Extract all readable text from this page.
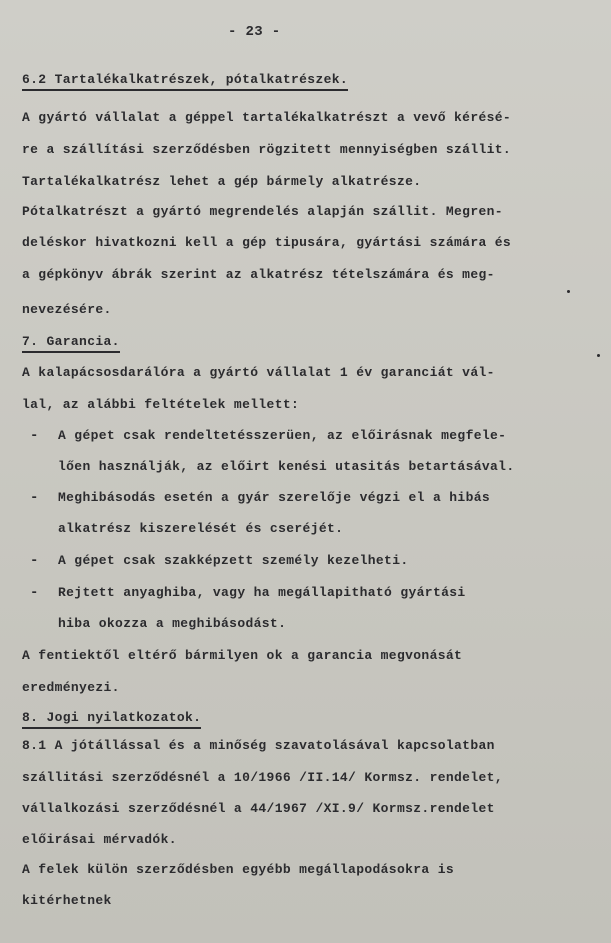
- 23 -
6.2 Tartalékalkatrészek, pótalkatrészek.
A gyártó vállalat a géppel tartalékalkatrészt a vevő kérésé-
re a szállítási szerződésben rögzitett mennyiségben szállit.
Tartalékalkatrész lehet a gép bármely alkatrésze.
Pótalkatrészt a gyártó megrendelés alapján szállit. Megren-
deléskor hivatkozni kell a gép tipusára, gyártási számára és
a gépkönyv ábrák szerint az alkatrész tételszámára és meg-
nevezésére.
7. Garancia.
A kalapácsosdarálóra a gyártó vállalat 1 év garanciát vál-
lal, az alábbi feltételek mellett:
- A gépet csak rendeltetésszerüen, az előirásnak megfele-
lően használják, az előirt kenési utasitás betartásával.
- Meghibásodás esetén a gyár szerelője végzi el a hibás
alkatrész kiszerelését és cseréjét.
- A gépet csak szakképzett személy kezelheti.
- Rejtett anyaghiba, vagy ha megállapitható gyártási
hiba okozza a meghibásodást.
A fentiektől eltérő bármilyen ok a garancia megvonását
eredményezi.
8. Jogi nyilatkozatok.
8.1 A jótállással és a minőség szavatolásával kapcsolatban
szállitási szerződésnél a 10/1966 /II.14/ Kormsz. rendelet,
vállalkozási szerződésnél a 44/1967 /XI.9/ Kormsz.rendelet
előirásai mérvadók.
A felek külön szerződésben egyébb megállapodásokra is
kitérhetnek
